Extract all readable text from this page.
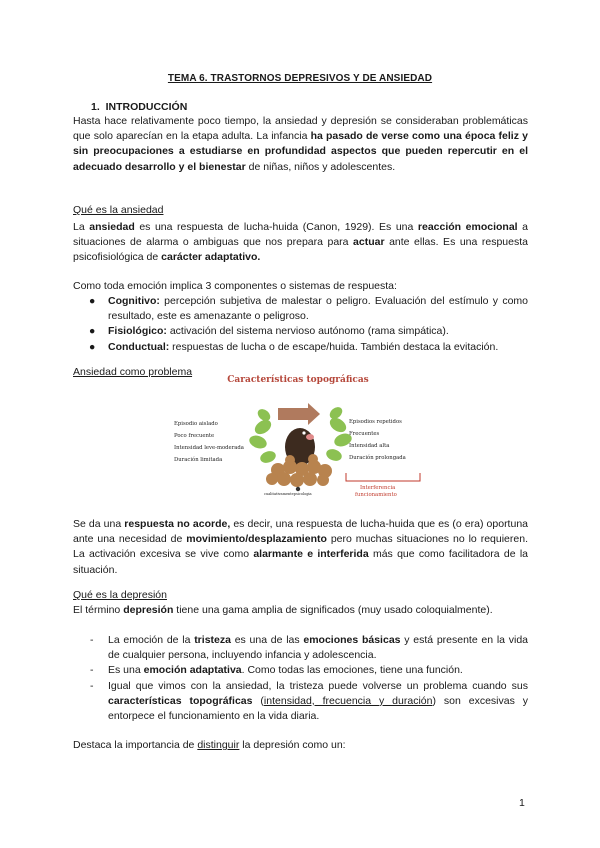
TEMA 6. TRASTORNOS DEPRESIVOS Y DE ANSIEDAD
1. INTRODUCCIÓN
Hasta hace relativamente poco tiempo, la ansiedad y depresión se consideraban problemáticas que solo aparecían en la etapa adulta. La infancia ha pasado de verse como una época feliz y sin preocupaciones a estudiarse en profundidad aspectos que pueden repercutir en el adecuado desarrollo y el bienestar de niñas, niños y adolescentes.
Qué es la ansiedad
La ansiedad es una respuesta de lucha-huida (Canon, 1929). Es una reacción emocional a situaciones de alarma o ambiguas que nos prepara para actuar ante ellas. Es una respuesta psicofisiológica de carácter adaptativo.
Como toda emoción implica 3 componentes o sistemas de respuesta:
● Cognitivo: percepción subjetiva de malestar o peligro. Evaluación del estímulo y como resultado, este es amenazante o peligroso.
● Fisiológico: activación del sistema nervioso autónomo (rama simpática).
● Conductual: respuestas de lucha o de escape/huida. También destaca la evitación.
Ansiedad como problema
Características topográficas
Episodio aislado
Poco frecuente
Intensidad leve-moderada
Duración limitada
Episodios repetidos
Frecuentes
Intensidad alta
Duración prolongada
Interferencia
funcionamiento
cualitativamentepsicologia
Se da una respuesta no acorde, es decir, una respuesta de lucha-huida que es (o era) oportuna ante una necesidad de movimiento/desplazamiento pero muchas situaciones no lo requieren. La activación excesiva se vive como alarmante e interferida más que como facilitadora de la situación.
Qué es la depresión
El término depresión tiene una gama amplia de significados (muy usado coloquialmente).
- La emoción de la tristeza es una de las emociones básicas y está presente en la vida de cualquier persona, incluyendo infancia y adolescencia.
- Es una emoción adaptativa. Como todas las emociones, tiene una función.
- Igual que vimos con la ansiedad, la tristeza puede volverse un problema cuando sus características topográficas (intensidad, frecuencia y duración) son excesivas y entorpece el funcionamiento en la vida diaria.
Destaca la importancia de distinguir la depresión como un:
1
